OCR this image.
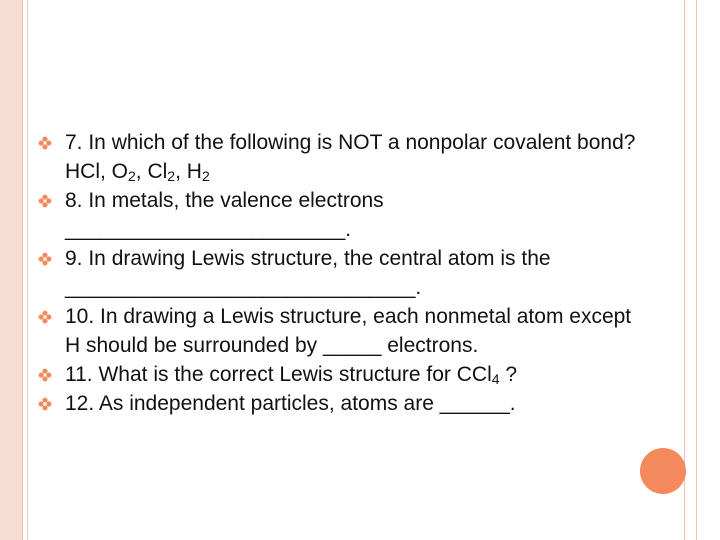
7. In which of the following is NOT a nonpolar covalent bond? HCl, $O_2$, $Cl_2$, $H_2$
8. In metals, the valence electrons ________________________.
9. In drawing Lewis structure, the central atom is the ______________________________.
10. In drawing a Lewis structure, each nonmetal atom except H should be surrounded by _____ electrons.
11. What is the correct Lewis structure for CCl$_4$ ?
12. As independent particles, atoms are ______.
